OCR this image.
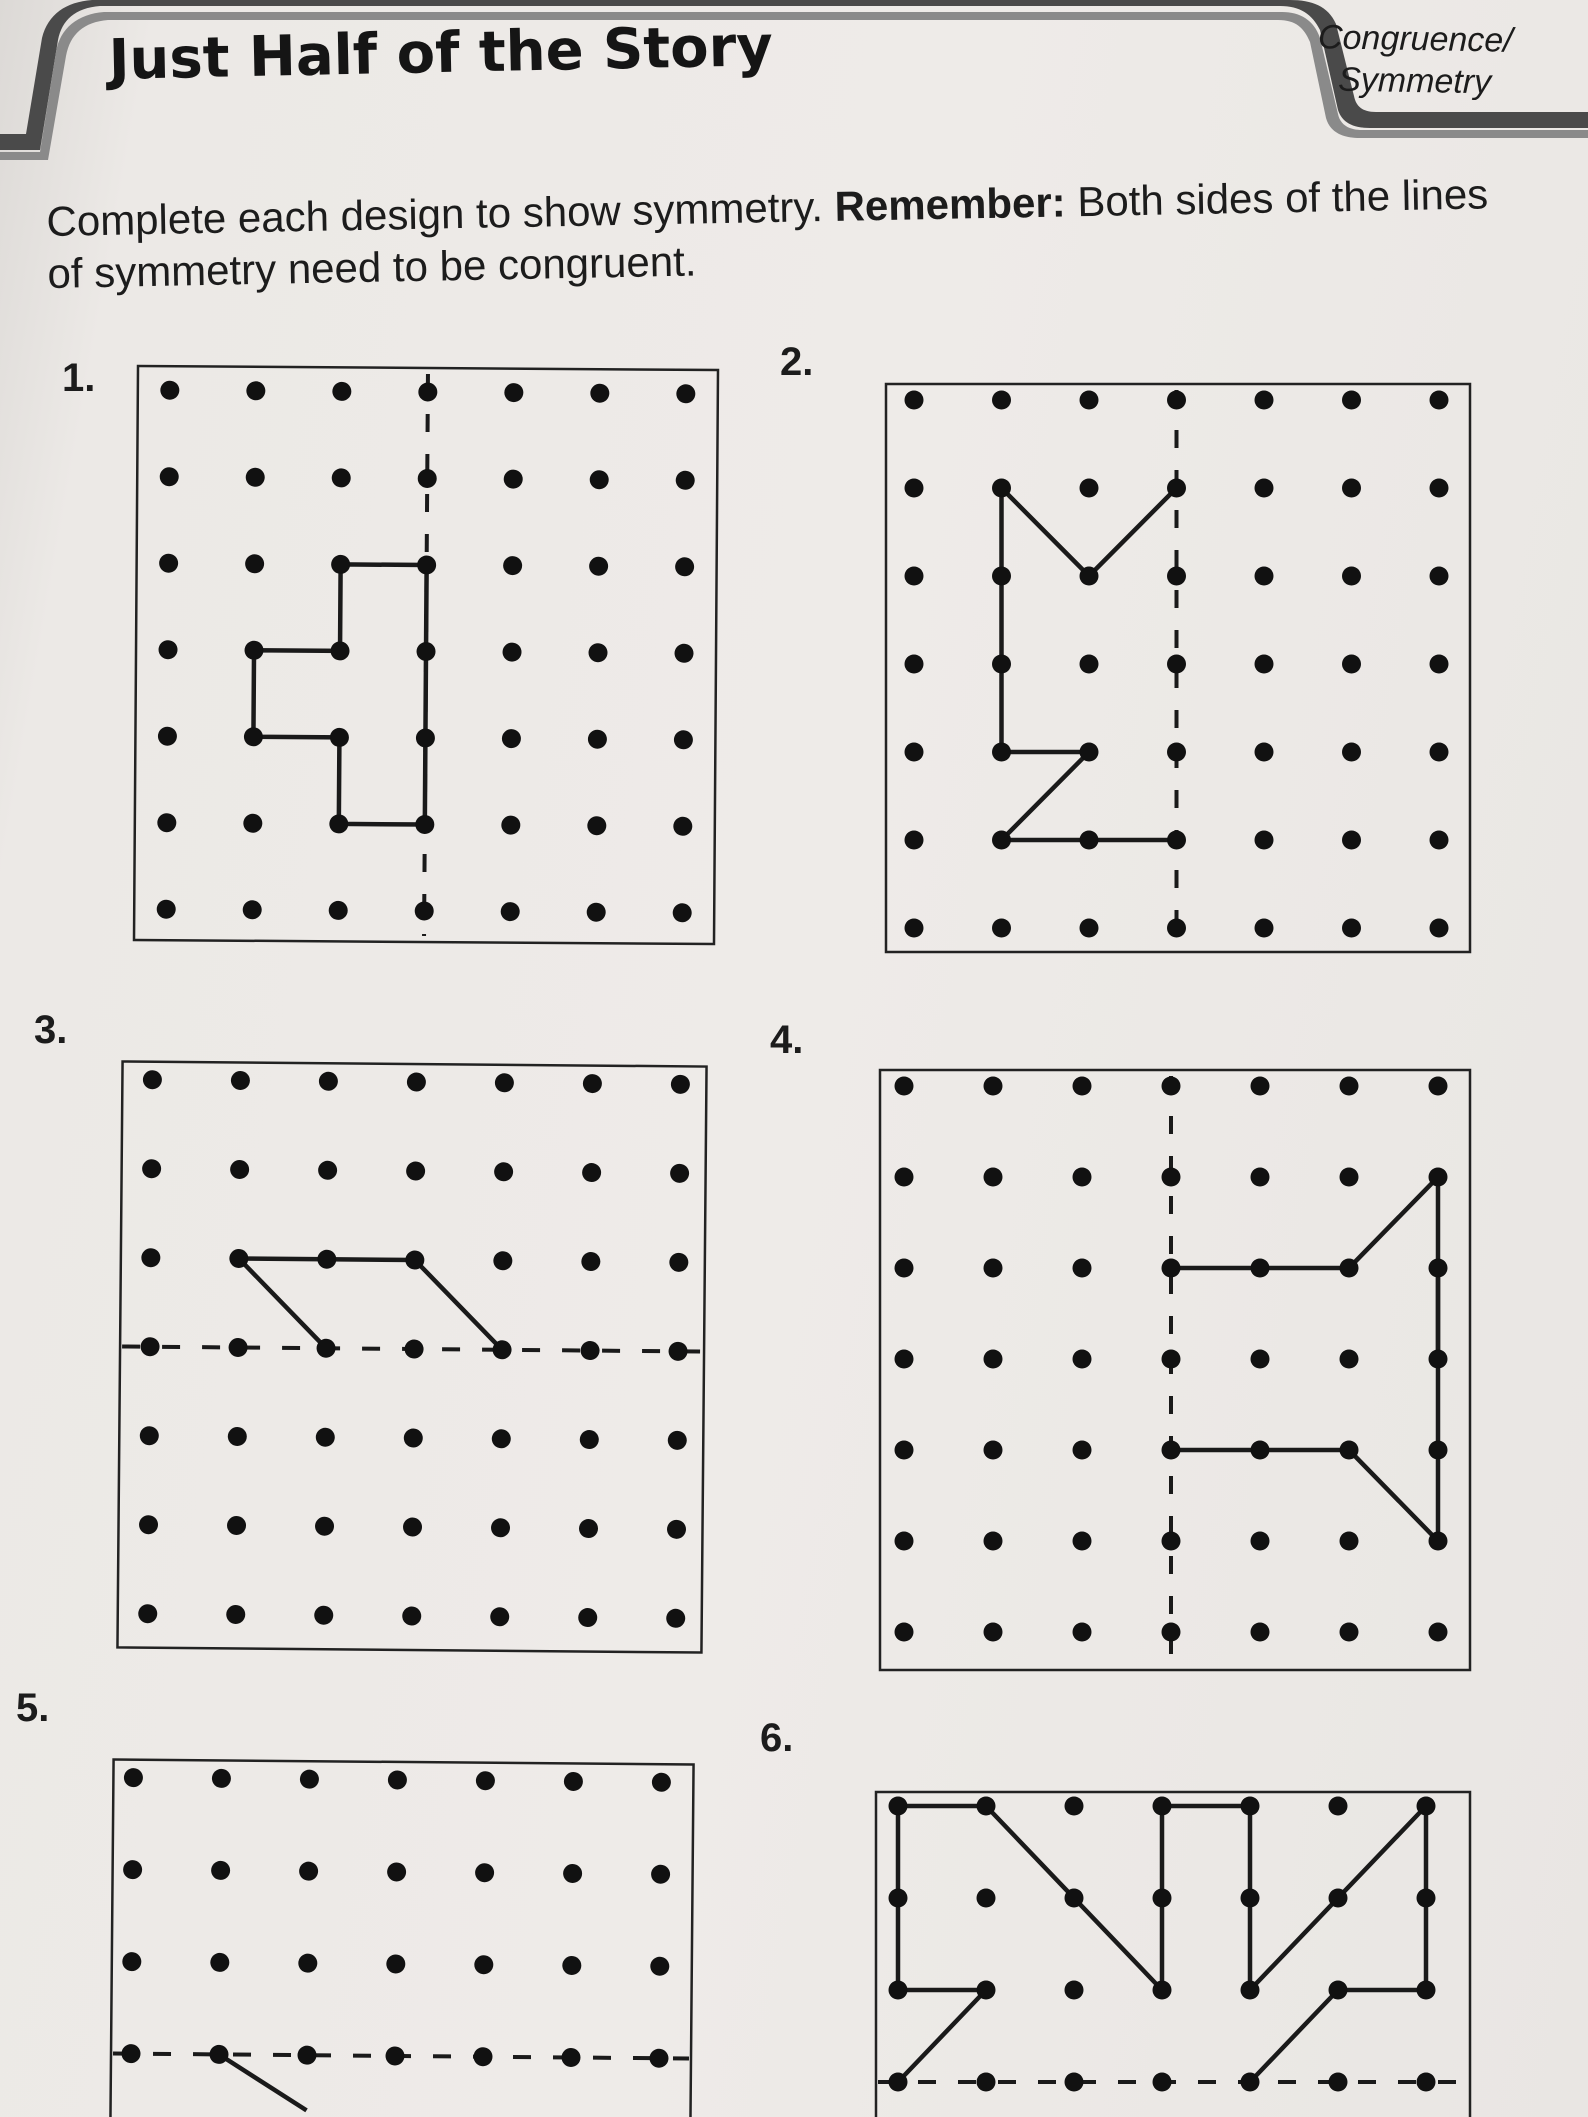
Just Half of the Story	Congruence/
Symmetry
Complete each design to show symmetry. Remember: Both sides of the lines of symmetry need to be congruent.
1.	2.
3.	4.
5.
6.
